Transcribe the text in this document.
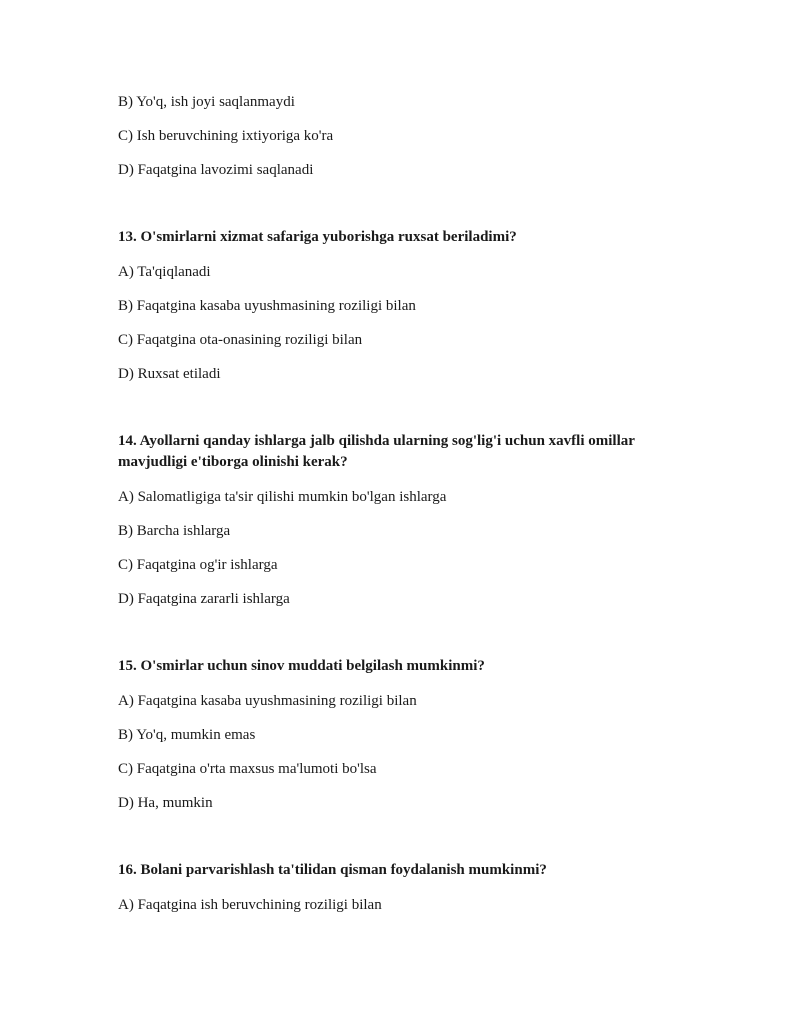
B) Yo'q, ish joyi saqlanmaydi
C) Ish beruvchining ixtiyoriga ko'ra
D) Faqatgina lavozimi saqlanadi
13. O'smirlarni xizmat safariga yuborishga ruxsat beriladimi?
A) Ta'qiqlanadi
B) Faqatgina kasaba uyushmasining roziligi bilan
C) Faqatgina ota-onasining roziligi bilan
D) Ruxsat etiladi
14. Ayollarni qanday ishlarga jalb qilishda ularning sog'lig'i uchun xavfli omillar mavjudligi e'tiborga olinishi kerak?
A) Salomatligiga ta'sir qilishi mumkin bo'lgan ishlarga
B) Barcha ishlarga
C) Faqatgina og'ir ishlarga
D) Faqatgina zararli ishlarga
15. O'smirlar uchun sinov muddati belgilash mumkinmi?
A) Faqatgina kasaba uyushmasining roziligi bilan
B) Yo'q, mumkin emas
C) Faqatgina o'rta maxsus ma'lumoti bo'lsa
D) Ha, mumkin
16. Bolani parvarishlash ta'tilidan qisman foydalanish mumkinmi?
A) Faqatgina ish beruvchining roziligi bilan
